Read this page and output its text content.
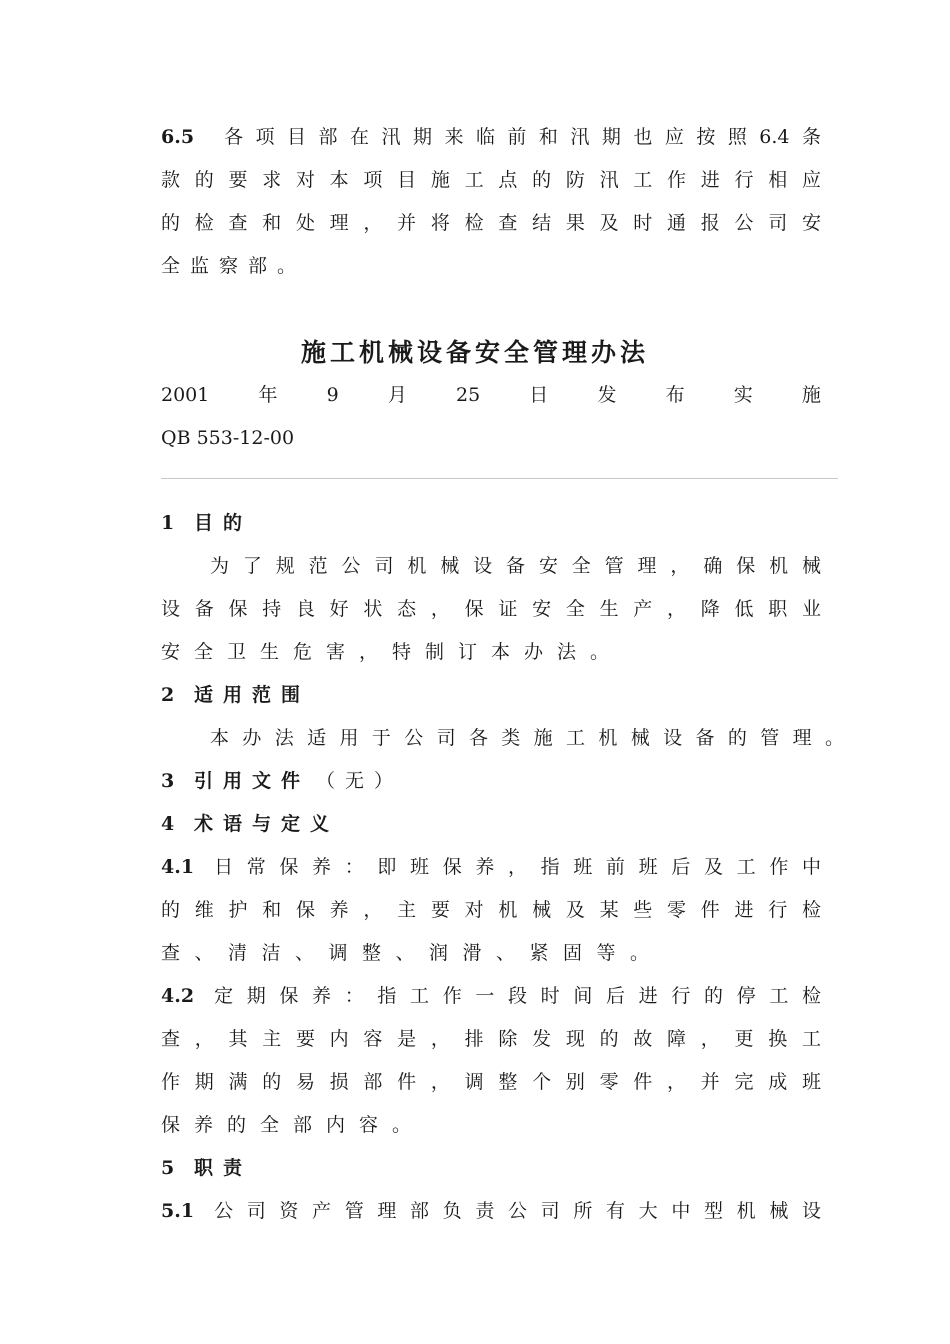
6.5 各项目部在汛期来临前和汛期也应按照6.4条
款的要求对本项目施工点的防汛工作进行相应
的检查和处理，并将检查结果及时通报公司安
全监察部。
施工机械设备安全管理办法
2001	年	9	月	25	日	发	布	实	施
QB 553-12-00
1 目的
为了规范公司机械设备安全管理，确保机械
设备保持良好状态，保证安全生产，降低职业
安全卫生危害，特制订本办法。
2 适用范围
本办法适用于公司各类施工机械设备的管理。
3 引用文件 （无）
4 术语与定义
4.1 日常保养：即班保养，指班前班后及工作中
的维护和保养，主要对机械及某些零件进行检
查、清洁、调整、润滑、紧固等。
4.2 定期保养：指工作一段时间后进行的停工检
查，其主要内容是，排除发现的故障，更换工
作期满的易损部件，调整个别零件，并完成班
保养的全部内容。
5 职责
5.1 公司资产管理部负责公司所有大中型机械设
